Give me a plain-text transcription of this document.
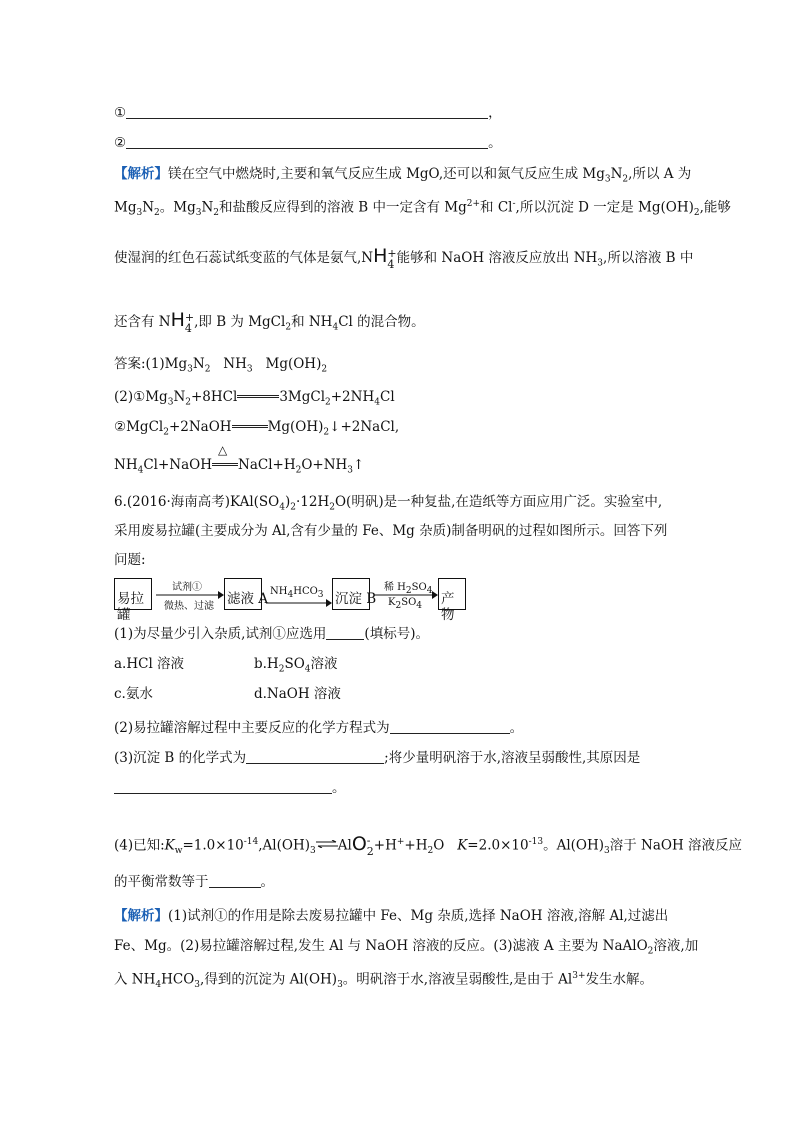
①	，
②	。
【解析】镁在空气中燃烧时,主要和氧气反应生成 MgO,还可以和氮气反应生成 $Mg_3N_2$,所以 A 为
$Mg_3N_2$。$Mg_3N_2$和盐酸反应得到的溶液 B 中一定含有 $Mg^{2+}$和 Cl-,所以沉淀 D 一定是 $Mg(OH)_2$,能够
使湿润的红色石蕊试纸变蓝的气体是氨气,NH +
4 能够和 NaOH 溶液反应放出 $NH_3$,所以溶液 B 中
还含有 NH +
4 ,即 B 为 MgCl$_2$和 $NH_4Cl$ 的混合物。
答案$:(1)Mg_3N_2$ $NH_3$ $Mg(OH)_2$
$(2)①Mg_3N_2+8HCl$	$3MgCl_2+2NH_4Cl$
②MgCl$_2$+2NaOH	$Mg(OH)_2↓+2NaCl$,
$NH_4Cl+NaOH$
△
$NaCl+H_2O+NH_3↑$
6.(2016·海南高考)$KAl(SO_4)_2\cdot 12H_2O$(明矾)是一种复盐,在造纸等方面应用广泛。实验室中,
采用废易拉罐(主要成分为 Al,含有少量的 Fe、Mg 杂质)制备明矾的过程如图所示。回答下列
问题:
易拉罐
试剂①
微热、过滤 滤液 A $NH_4HCO_3$ 沉淀 B
稀 $H_2SO_4$
$K_2SO_4$ 产物
(1)为尽量少引入杂质,试剂①应选用	(填标号)。
a.HCl 溶液	$b.H_2SO_4$溶液
c.氨水	d.NaOH 溶液
(2)易拉罐溶解过程中主要反应的化学方程式为	。
(3)沉淀 B 的化学式为	;将少量明矾溶于水,溶液呈弱酸性,其原因是
。
(4)已知$:K_w=1.0\times 10^{-14},Al(OH)_3\rightleftharpoons AlO$ -
$2 +H^++H_2O$ $K=2.0\times 10^{-13}$。$Al(OH)_3$溶于 NaOH 溶液反应
的平衡常数等于	。
【解析】(1)试剂①的作用是除去废易拉罐中 Fe、Mg 杂质,选择 NaOH 溶液,溶解 Al,过滤出
Fe、Mg。(2)易拉罐溶解过程,发生 Al 与 NaOH 溶液的反应。(3)滤液 A 主要为 NaAlO$_2$溶液,加
入 $NH_4HCO_3$,得到的沉淀为 $Al(OH)_3$。明矾溶于水,溶液呈弱酸性,是由于 $Al^{3+}$发生水解。
